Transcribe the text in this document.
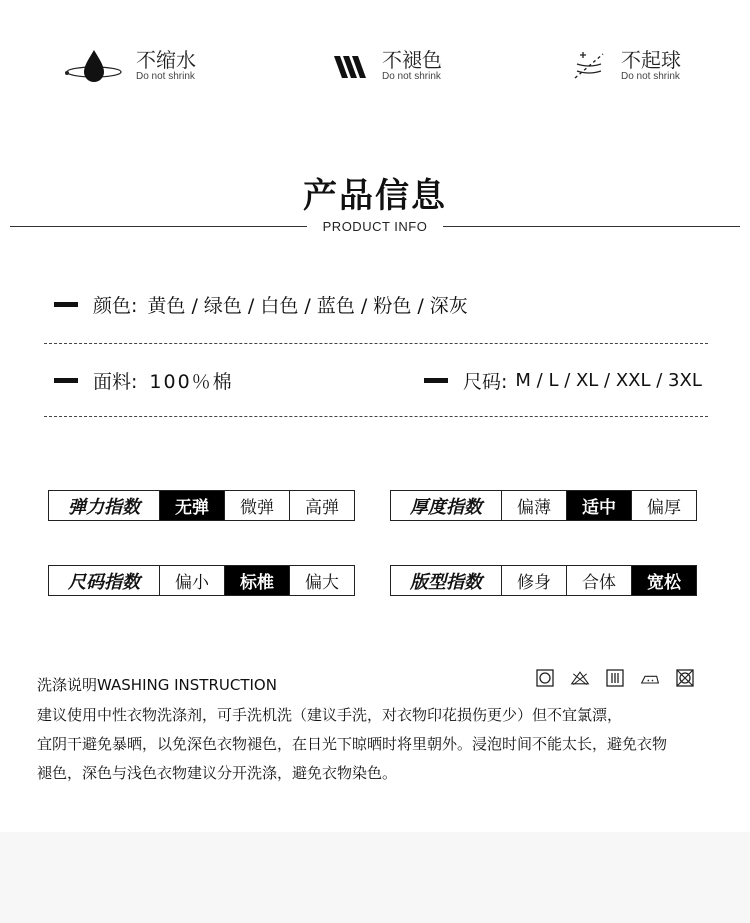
不缩水
Do not shrink
不褪色
Do not shrink
不起球
Do not shrink
产品信息
PRODUCT INFO
颜色: 黄色 / 绿色 / 白色 / 蓝色 / 粉色 / 深灰
面料: 100％棉	尺码: M / L / XL / XXL / 3XL
弹力指数	无弹	微弹	高弹	厚度指数	偏薄	适中	偏厚
尺码指数	偏小	标椎	偏大	版型指数	修身	合体	宽松
洗涤说明WASHING INSTRUCTION
建议使用中性衣物洗涤剂，可手洗机洗（建议手洗，对衣物印花损伤更少）但不宜氯漂，
宜阴干避免暴晒，以免深色衣物褪色，在日光下晾晒时将里朝外。浸泡时间不能太长，避免衣物
褪色，深色与浅色衣物建议分开洗涤，避免衣物染色。
